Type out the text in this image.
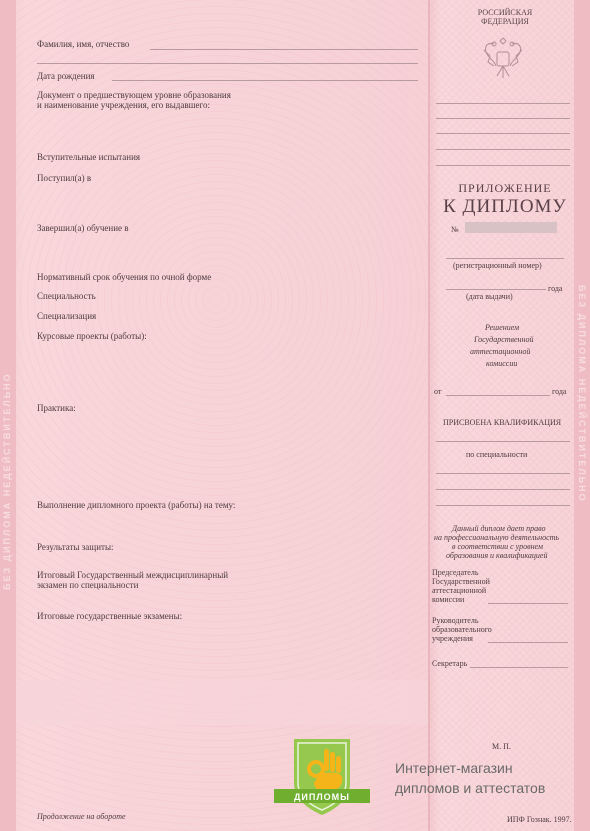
БЕЗ ДИПЛОМА НЕДЕЙСТВИТЕЛЬНО	БЕЗ ДИПЛОМА НЕДЕЙСТВИТЕЛЬНО
Фамилия, имя, отчество
Дата рождения
Документ о предшествующем уровне образования
и наименование учреждения, его выдавшего:
Вступительные испытания
Поступил(а) в
Завершил(а) обучение в
Нормативный срок обучения по очной форме
Специальность
Специализация
Курсовые проекты (работы):
Практика:
Выполнение дипломного проекта (работы) на тему:
Результаты защиты:
Итоговый Государственный междисциплинарный
экзамен по специальности
Итоговые государственные экзамены:
Продолжение на обороте
РОССИЙСКАЯ
ФЕДЕРАЦИЯ
ПРИЛОЖЕНИЕ
К ДИПЛОМУ
№
(регистрационный номер)
года
(дата выдачи)
Решением
Государственной
аттестационной
комиссии
от	года
ПРИСВОЕНА КВАЛИФИКАЦИЯ
по специальности
Данный диплом дает право
на профессиональную деятельность
в соответствии с уровнем
образования и квалификацией
Председатель
Государственной
аттестационной
комиссии
Руководитель
образовательного
учреждения
Секретарь
М. П.
ИПФ Гознак. 1997.
ДИПЛОМЫ
Интернет-магазин
дипломов и аттестатов
